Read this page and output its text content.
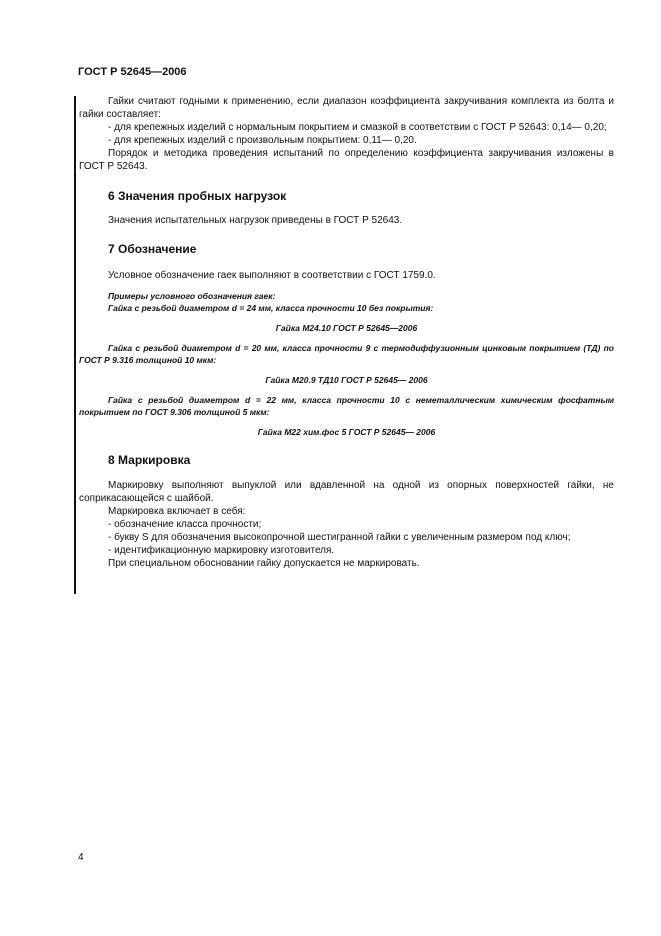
ГОСТ Р 52645—2006

Гайки считают годными к применению, если диапазон коэффициента закручивания комплекта из болта и гайки составляет:

- для крепежных изделий с нормальным покрытием и смазкой в соответствии с ГОСТ Р 52643: 0,14— 0,20;

- для крепежных изделий с произвольным покрытием: 0,11— 0,20.

Порядок и методика проведения испытаний по определению коэффициента закручивания изложены в ГОСТ Р 52643.

6 Значения пробных нагрузок

Значения испытательных нагрузок приведены в ГОСТ Р 52643.

7 Обозначение

Условное обозначение гаек выполняют в соответствии с ГОСТ 1759.0.

Примеры условного обозначения гаек:

Гайка с резьбой диаметром d = 24 мм, класса прочности 10 без покрытия:

Гайка М24.10 ГОСТ Р 52645—2006

Гайка с резьбой диаметром d = 20 мм, класса прочности 9 с термодиффузионным цинковым покрытием (ТД) по ГОСТ Р 9.316 толщиной 10 мкм:

Гайка М20.9 ТД10 ГОСТ Р 52645— 2006

Гайка с резьбой диаметром d = 22 мм, класса прочности 10 с неметаллическим химическим фосфатным покрытием по ГОСТ 9.306 толщиной 5 мкм:

Гайка М22 хим.фос 5 ГОСТ Р 52645— 2006

8 Маркировка

Маркировку выполняют выпуклой или вдавленной на одной из опорных поверхностей гайки, не соприкасающейся с шайбой.

Маркировка включает в себя:

- обозначение класса прочности;

- букву S для обозначения высокопрочной шестигранной гайки с увеличенным размером под ключ;

- идентификационную маркировку изготовителя.

При специальном обосновании гайку допускается не маркировать.

4
